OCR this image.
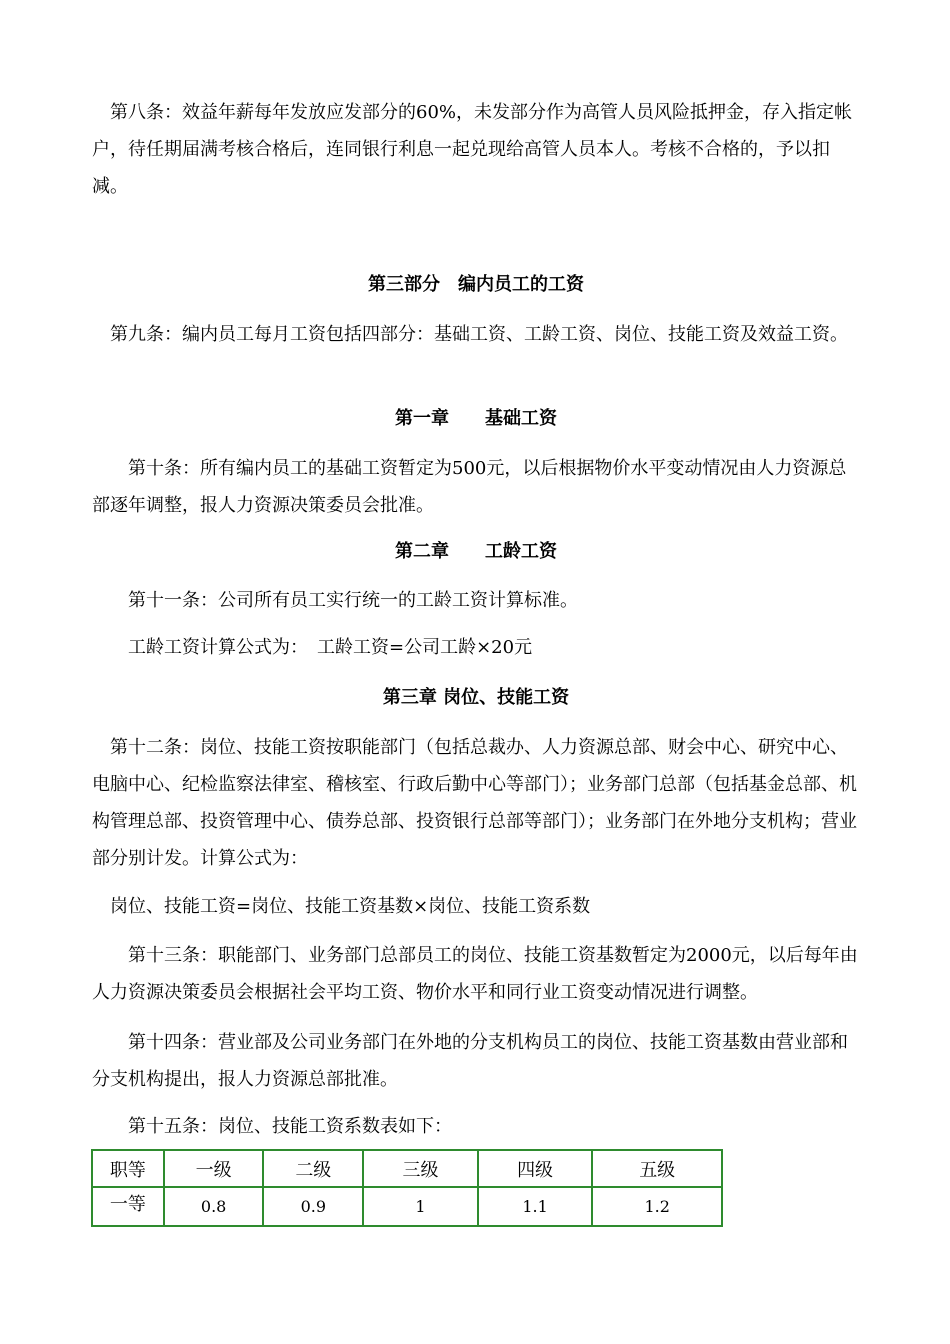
第八条：效益年薪每年发放应发部分的60%，未发部分作为高管人员风险抵押金，存入指定帐户，待任期届满考核合格后，连同银行利息一起兑现给高管人员本人。考核不合格的，予以扣减。

第三部分　编内员工的工资

第九条：编内员工每月工资包括四部分：基础工资、工龄工资、岗位、技能工资及效益工资。

第一章　　基础工资

第十条：所有编内员工的基础工资暂定为500元，以后根据物价水平变动情况由人力资源总部逐年调整，报人力资源决策委员会批准。

第二章　　工龄工资

第十一条：公司所有员工实行统一的工龄工资计算标准。

工龄工资计算公式为：　工龄工资=公司工龄×20元

第三章 岗位、技能工资

第十二条：岗位、技能工资按职能部门（包括总裁办、人力资源总部、财会中心、研究中心、电脑中心、纪检监察法律室、稽核室、行政后勤中心等部门）；业务部门总部（包括基金总部、机构管理总部、投资管理中心、债券总部、投资银行总部等部门）；业务部门在外地分支机构；营业部分别计发。计算公式为：

岗位、技能工资=岗位、技能工资基数×岗位、技能工资系数

第十三条：职能部门、业务部门总部员工的岗位、技能工资基数暂定为2000元，以后每年由人力资源决策委员会根据社会平均工资、物价水平和同行业工资变动情况进行调整。

第十四条：营业部及公司业务部门在外地的分支机构员工的岗位、技能工资基数由营业部和分支机构提出，报人力资源总部批准。

第十五条：岗位、技能工资系数表如下：

职等	一级	二级	三级	四级	五级
一等	0.8	0.9	1	1.1	1.2
